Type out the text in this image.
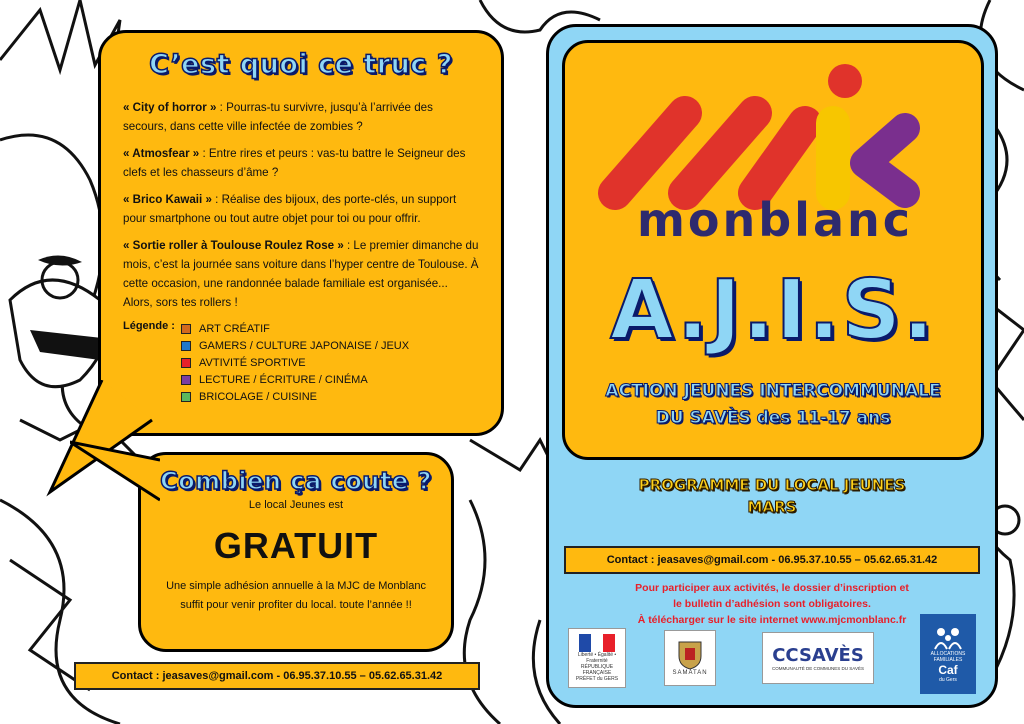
C’est quoi ce truc ?

« City of horror » : Pourras-tu survivre, jusqu’à l’arrivée des secours, dans cette ville infectée de zombies ?

« Atmosfear » : Entre rires et peurs : vas-tu battre le Seigneur des clefs et les chasseurs d’âme ?

« Brico Kawaii » : Réalise des bijoux, des porte-clés, un support pour smartphone ou tout autre objet pour toi ou pour offrir.

« Sortie roller à Toulouse Roulez Rose » : Le premier dimanche du mois, c’est la journée sans voiture dans l’hyper centre de Toulouse. À cette occasion, une randonnée balade familiale est organisée... Alors, sors tes rollers !

Légende :	ART CRÉATIF
GAMERS / CULTURE JAPONAISE / JEUX
AVTIVITÉ SPORTIVE
LECTURE / ÉCRITURE / CINÉMA
BRICOLAGE / CUISINE
Combien ça coute ?
Le local Jeunes est
GRATUIT
Une simple adhésion annuelle à la MJC de Monblanc
suffit pour venir profiter du local. toute l’année !!
Contact : jeasaves@gmail.com - 06.95.37.10.55 – 05.62.65.31.42
monblanc
A.J.I.S.
ACTION JEUNES INTERCOMMUNALE
DU SAVÈS des 11-17 ans
PROGRAMME DU LOCAL JEUNES
MARS
Contact : jeasaves@gmail.com - 06.95.37.10.55 – 05.62.65.31.42
Pour participer aux activités, le dossier d’inscription et
le bulletin d’adhésion sont obligatoires.
À télécharger sur le site internet www.mjcmonblanc.fr
Liberté • Égalité • Fraternité
RÉPUBLIQUE FRANÇAISE
PRÉFET du GERS
SAMATAN
CCSAVÈS
COMMUNAUTÉ DE COMMUNES DU SAVÈS
ALLOCATIONS
FAMILIALES
Caf
du Gers
